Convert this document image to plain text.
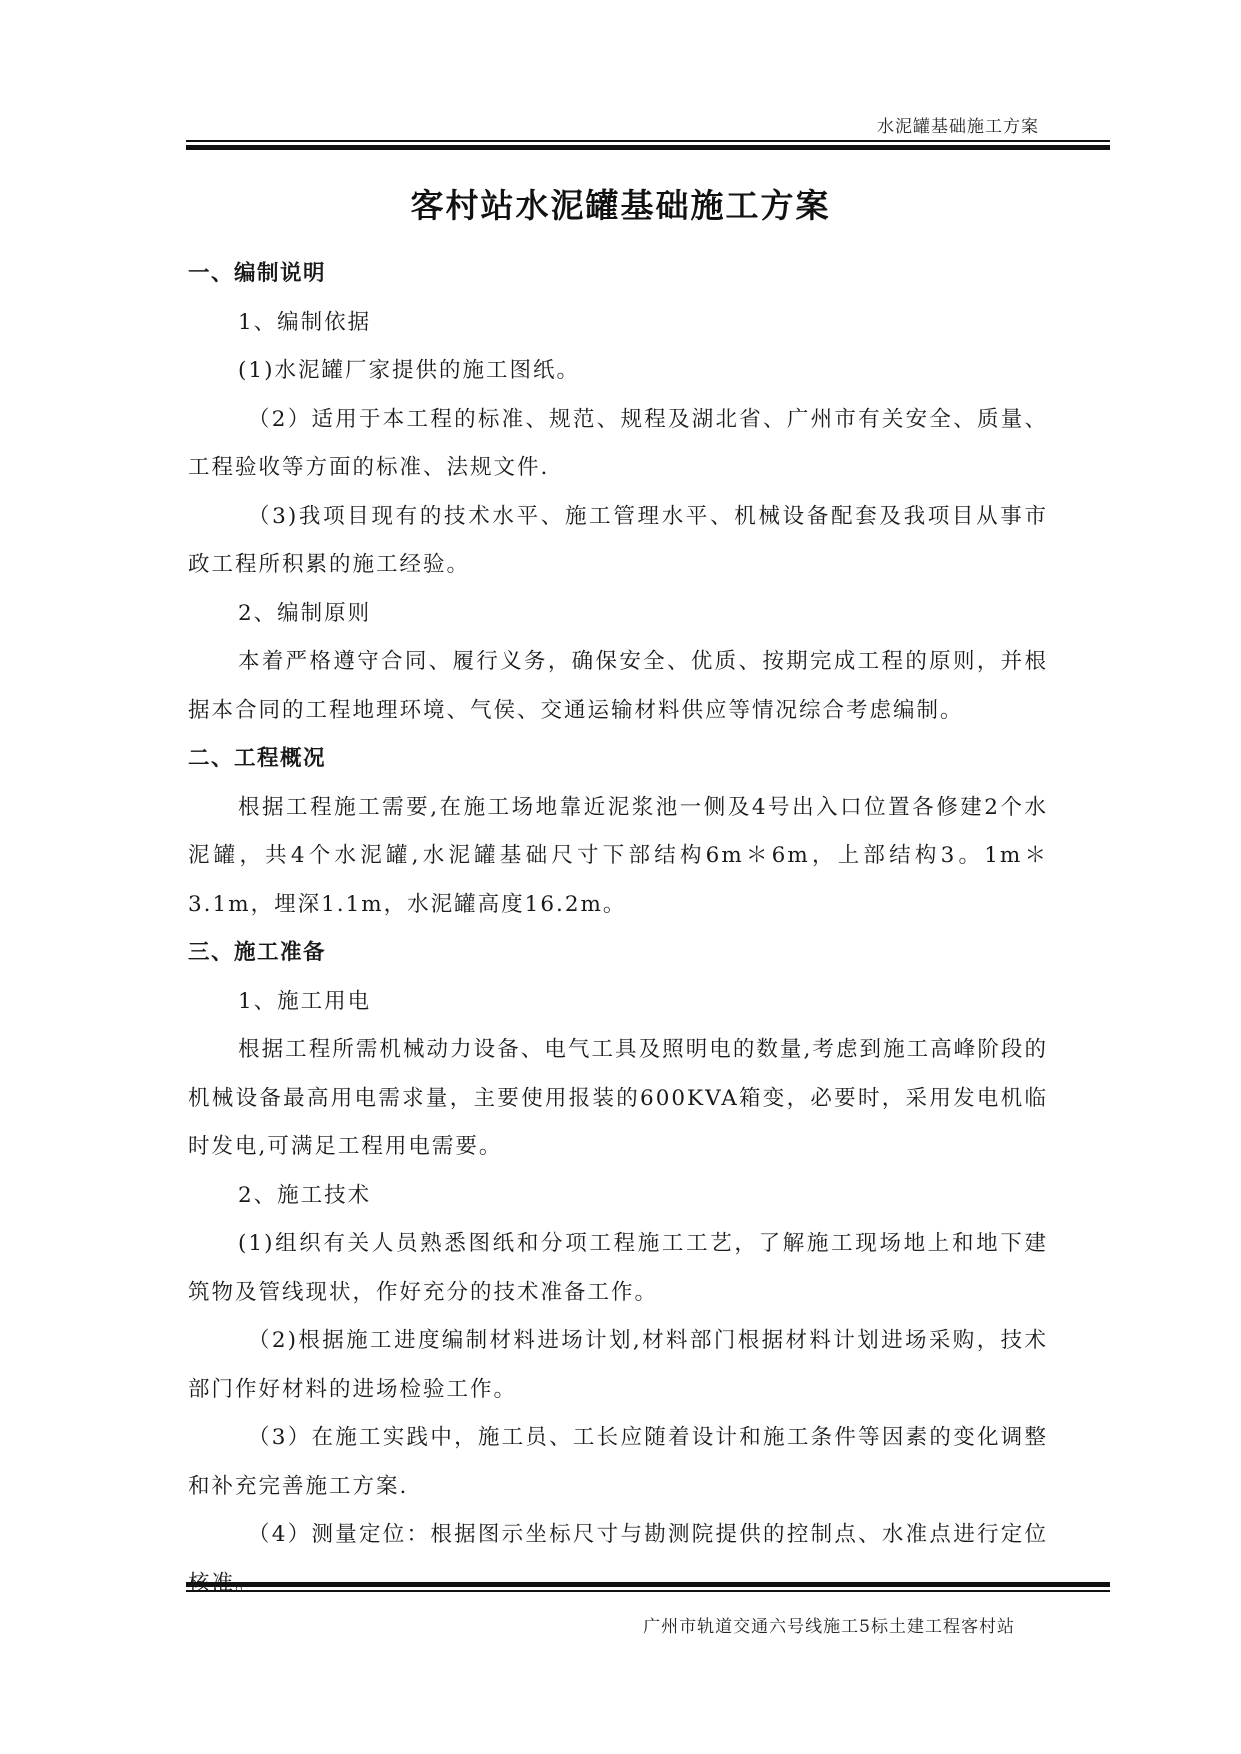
水泥罐基础施工方案
客村站水泥罐基础施工方案

一、编制说明

1、编制依据

(1)水泥罐厂家提供的施工图纸。

（2）适用于本工程的标准、规范、规程及湖北省、广州市有关安全、质量、工程验收等方面的标准、法规文件.

（3)我项目现有的技术水平、施工管理水平、机械设备配套及我项目从事市政工程所积累的施工经验。

2、编制原则

本着严格遵守合同、履行义务，确保安全、优质、按期完成工程的原则，并根据本合同的工程地理环境、气侯、交通运输材料供应等情况综合考虑编制。

二、工程概况

根据工程施工需要,在施工场地靠近泥浆池一侧及4号出入口位置各修建2个水泥罐，共4个水泥罐,水泥罐基础尺寸下部结构6m＊6m，上部结构3。1m＊3.1m，埋深1.1m，水泥罐高度16.2m。

三、施工准备

1、施工用电

根据工程所需机械动力设备、电气工具及照明电的数量,考虑到施工高峰阶段的机械设备最高用电需求量，主要使用报装的600KVA箱变，必要时，采用发电机临时发电,可满足工程用电需要。

2、施工技术

(1)组织有关人员熟悉图纸和分项工程施工工艺，了解施工现场地上和地下建筑物及管线现状，作好充分的技术准备工作。

（2)根据施工进度编制材料进场计划,材料部门根据材料计划进场采购，技术部门作好材料的进场检验工作。

（3）在施工实践中，施工员、工长应随着设计和施工条件等因素的变化调整和补充完善施工方案.

（4）测量定位：根据图示坐标尺寸与勘测院提供的控制点、水准点进行定位

广州市轨道交通六号线施工5标土建工程客村站
